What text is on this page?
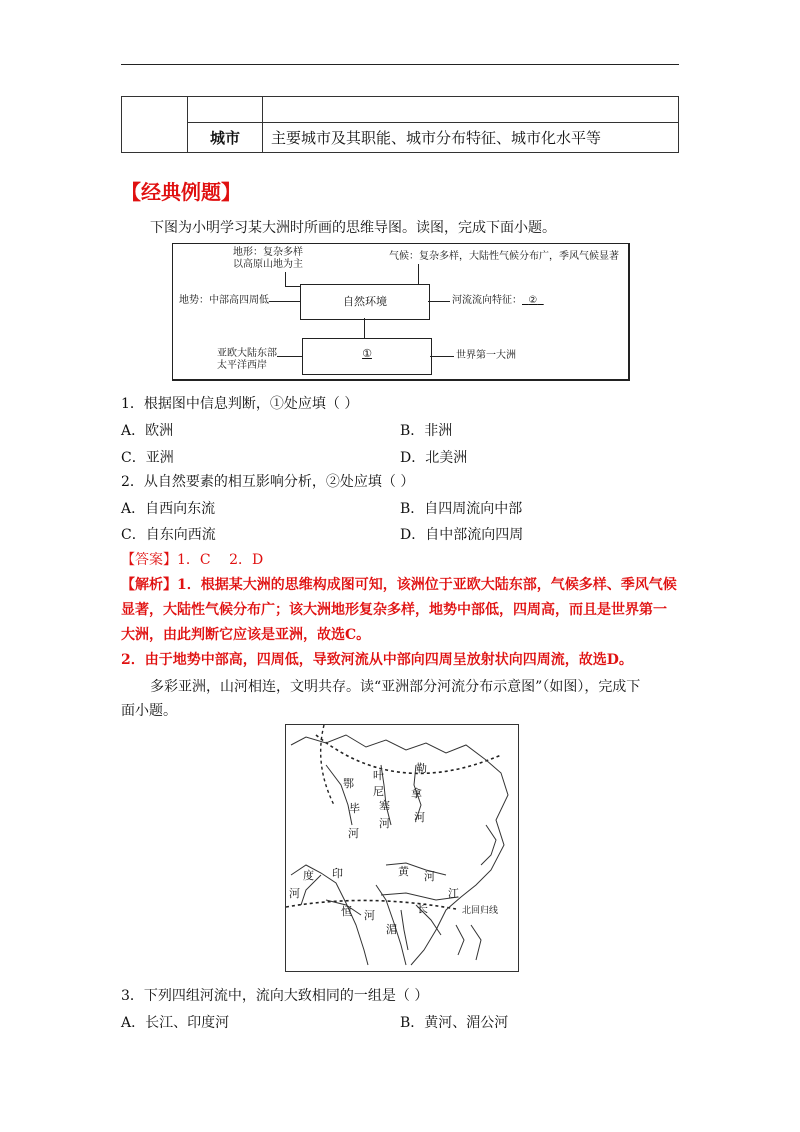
	城市	主要城市及其职能、城市分布特征、城市化水平等
【经典例题】
下图为小明学习某大洲时所画的思维导图。读图，完成下面小题。
地形：复杂多样
以高原山地为主
气候：复杂多样，大陆性气候分布广，季风气候显著
自然环境
地势：中部高四周低	河流流向特征： ②
①
亚欧大陆东部
太平洋西岸
世界第一大洲
1．根据图中信息判断，①处应填（ ）
A．欧洲	B．非洲
C．亚洲	D．北美洲
2．从自然要素的相互影响分析，②处应填（ ）
A．自西向东流	B．自四周流向中部
C．自东向西流	D．自中部流向四周
【答案】1．C　 2．D
【解析】1．根据某大洲的思维构成图可知，该洲位于亚欧大陆东部，气候多样、季风气候
显著，大陆性气候分布广；该大洲地形复杂多样，地势中部低，四周高，而且是世界第一
大洲，由此判断它应该是亚洲，故选C。
2．由于地势中部高，四周低，导致河流从中部向四周呈放射状向四周流，故选D。
多彩亚洲，山河相连，文明共存。读“亚洲部分河流分布示意图”（如图），完成下
面小题。
叶
尼
塞
河
鄂
毕
河
勒
拿
河
黄 河
长
江
印
度
河
恒 河
湄
北回归线
3．下列四组河流中，流向大致相同的一组是（ ）
A．长江、印度河	B．黄河、湄公河
